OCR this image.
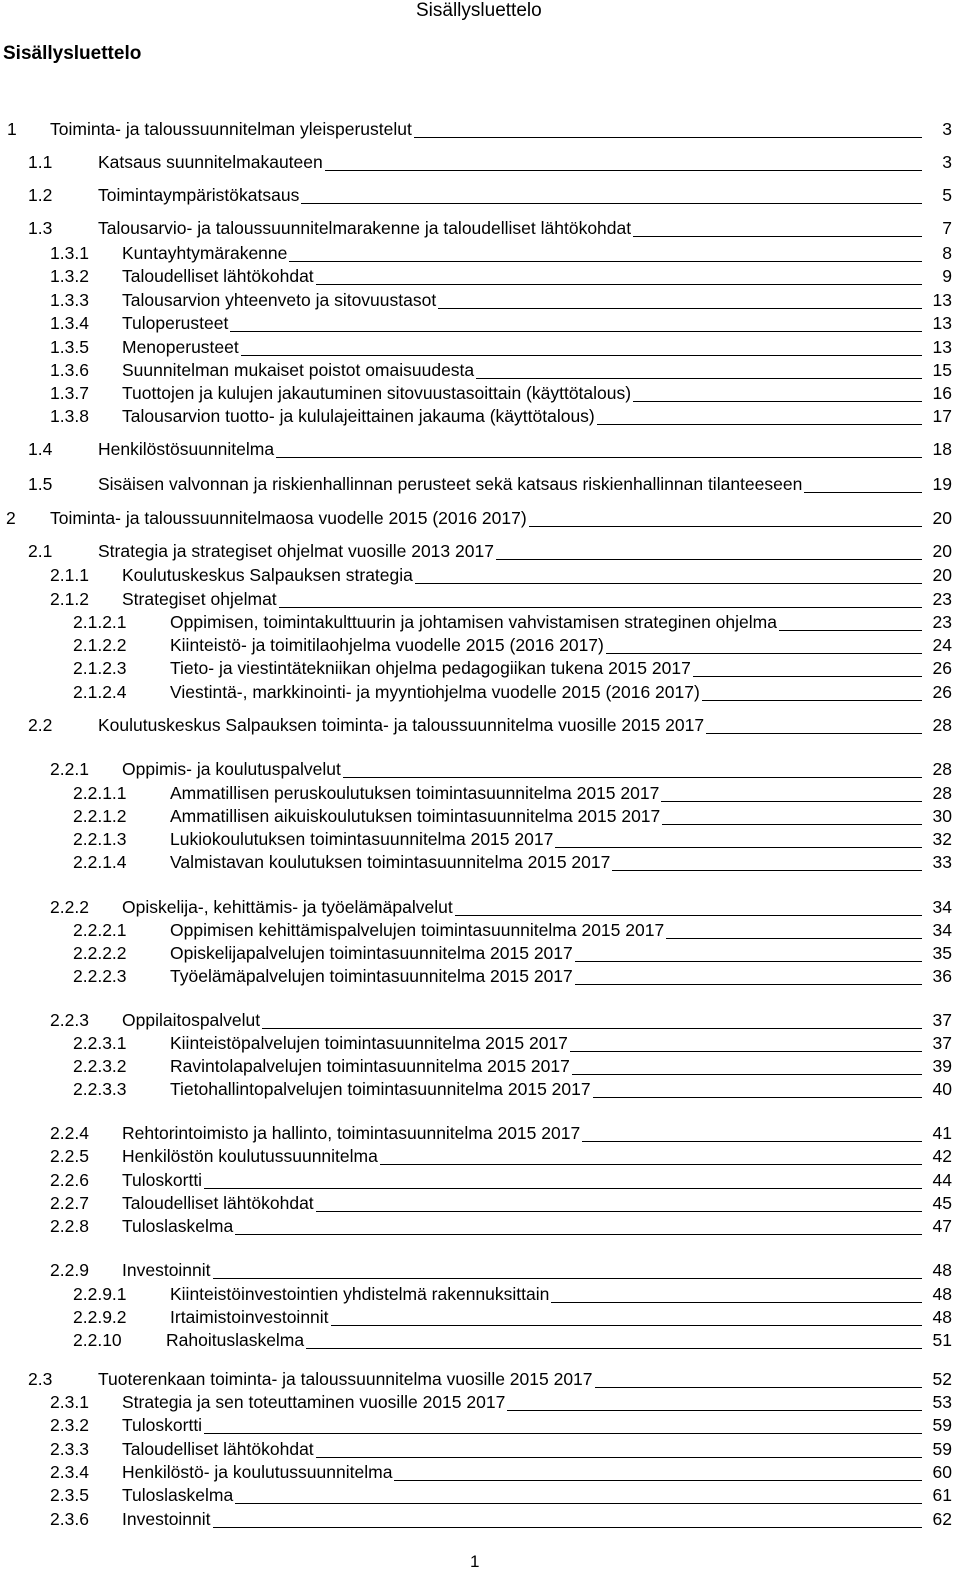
Sisällysluettelo
Sisällysluettelo
1 Toiminta- ja taloussuunnitelman yleisperustelut	3
1.1	Katsaus suunnitelmakauteen	3
1.2	Toimintaympäristökatsaus	5
1.3	Talousarvio- ja taloussuunnitelmarakenne ja taloudelliset lähtökohdat	7
1.3.1 Kuntayhtymärakenne	8
1.3.2 Taloudelliset lähtökohdat	9
1.3.3 Talousarvion yhteenveto ja sitovuustasot	13
1.3.4 Tuloperusteet	13
1.3.5 Menoperusteet	13
1.3.6 Suunnitelman mukaiset poistot omaisuudesta	15
1.3.7 Tuottojen ja kulujen jakautuminen sitovuustasoittain (käyttötalous)	16
1.3.8 Talousarvion tuotto- ja kululajeittainen jakauma (käyttötalous)	17
1.4	Henkilöstösuunnitelma	18
1.5	Sisäisen valvonnan ja riskienhallinnan perusteet sekä katsaus riskienhallinnan tilanteeseen	19
2 Toiminta- ja taloussuunnitelmaosa vuodelle 2015 (2016 2017)	20
2.1	Strategia ja strategiset ohjelmat vuosille 2013 2017	20
2.1.1 Koulutuskeskus Salpauksen strategia	20
2.1.2 Strategiset ohjelmat	23
2.1.2.1 Oppimisen, toimintakulttuurin ja johtamisen vahvistamisen strateginen ohjelma	23
2.1.2.2 Kiinteistö- ja toimitilaohjelma vuodelle 2015 (2016 2017)	24
2.1.2.3 Tieto- ja viestintätekniikan ohjelma pedagogiikan tukena 2015 2017	26
2.1.2.4 Viestintä-, markkinointi- ja myyntiohjelma vuodelle 2015 (2016 2017)	26
2.2	Koulutuskeskus Salpauksen toiminta- ja taloussuunnitelma vuosille 2015 2017	28
2.2.1 Oppimis- ja koulutuspalvelut	28
2.2.1.1 Ammatillisen peruskoulutuksen toimintasuunnitelma 2015 2017	28
2.2.1.2 Ammatillisen aikuiskoulutuksen toimintasuunnitelma 2015 2017	30
2.2.1.3 Lukiokoulutuksen toimintasuunnitelma 2015 2017	32
2.2.1.4 Valmistavan koulutuksen toimintasuunnitelma 2015 2017	33
2.2.2 Opiskelija-, kehittämis- ja työelämäpalvelut	34
2.2.2.1 Oppimisen kehittämispalvelujen toimintasuunnitelma 2015 2017	34
2.2.2.2 Opiskelijapalvelujen toimintasuunnitelma 2015 2017	35
2.2.2.3 Työelämäpalvelujen toimintasuunnitelma 2015 2017	36
2.2.3 Oppilaitospalvelut	37
2.2.3.1 Kiinteistöpalvelujen toimintasuunnitelma 2015 2017	37
2.2.3.2 Ravintolapalvelujen toimintasuunnitelma 2015 2017	39
2.2.3.3 Tietohallintopalvelujen toimintasuunnitelma 2015 2017	40
2.2.4 Rehtorintoimisto ja hallinto, toimintasuunnitelma 2015 2017	41
2.2.5 Henkilöstön koulutussuunnitelma	42
2.2.6 Tuloskortti	44
2.2.7 Taloudelliset lähtökohdat	45
2.2.8 Tuloslaskelma	47
2.2.9 Investoinnit	48
2.2.9.1 Kiinteistöinvestointien yhdistelmä rakennuksittain	48
2.2.9.2 Irtaimistoinvestoinnit	48
2.2.10	Rahoituslaskelma	51
2.3	Tuoterenkaan toiminta- ja taloussuunnitelma vuosille 2015 2017	52
2.3.1 Strategia ja sen toteuttaminen vuosille 2015 2017	53
2.3.2 Tuloskortti	59
2.3.3 Taloudelliset lähtökohdat	59
2.3.4 Henkilöstö- ja koulutussuunnitelma	60
2.3.5 Tuloslaskelma	61
2.3.6 Investoinnit	62
1
